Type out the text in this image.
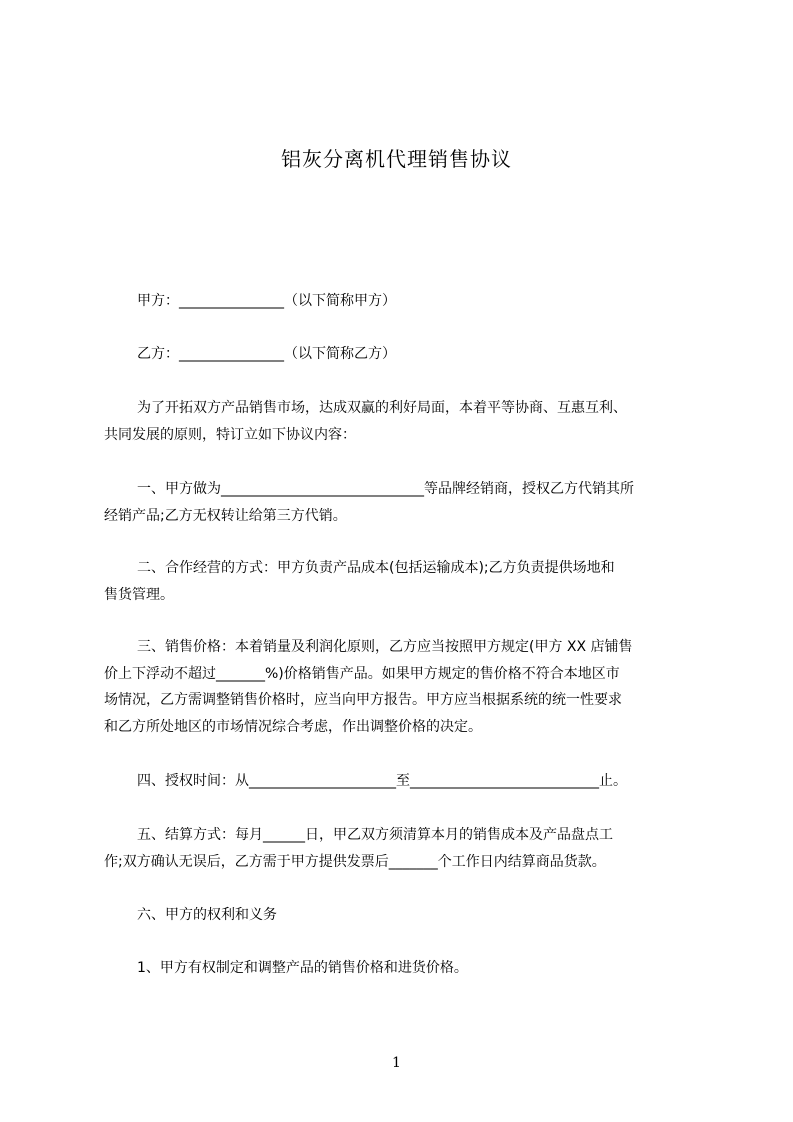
铝灰分离机代理销售协议
甲方：_______________（以下简称甲方）
乙方：_______________（以下简称乙方）
为了开拓双方产品销售市场，达成双赢的利好局面，本着平等协商、互惠互利、
共同发展的原则，特订立如下协议内容：
一、甲方做为_____________________________等品牌经销商，授权乙方代销其所
经销产品;乙方无权转让给第三方代销。
二、合作经营的方式：甲方负责产品成本(包括运输成本);乙方负责提供场地和
售货管理。
三、销售价格：本着销量及利润化原则，乙方应当按照甲方规定(甲方 XX 店铺售
价上下浮动不超过_______%)价格销售产品。如果甲方规定的售价格不符合本地区市
场情况，乙方需调整销售价格时，应当向甲方报告。甲方应当根据系统的统一性要求
和乙方所处地区的市场情况综合考虑，作出调整价格的决定。
四、授权时间：从_____________________至___________________________止。
五、结算方式：每月______日，甲乙双方须清算本月的销售成本及产品盘点工
作;双方确认无误后，乙方需于甲方提供发票后_______个工作日内结算商品货款。
六、甲方的权利和义务
1、甲方有权制定和调整产品的销售价格和进货价格。
1
